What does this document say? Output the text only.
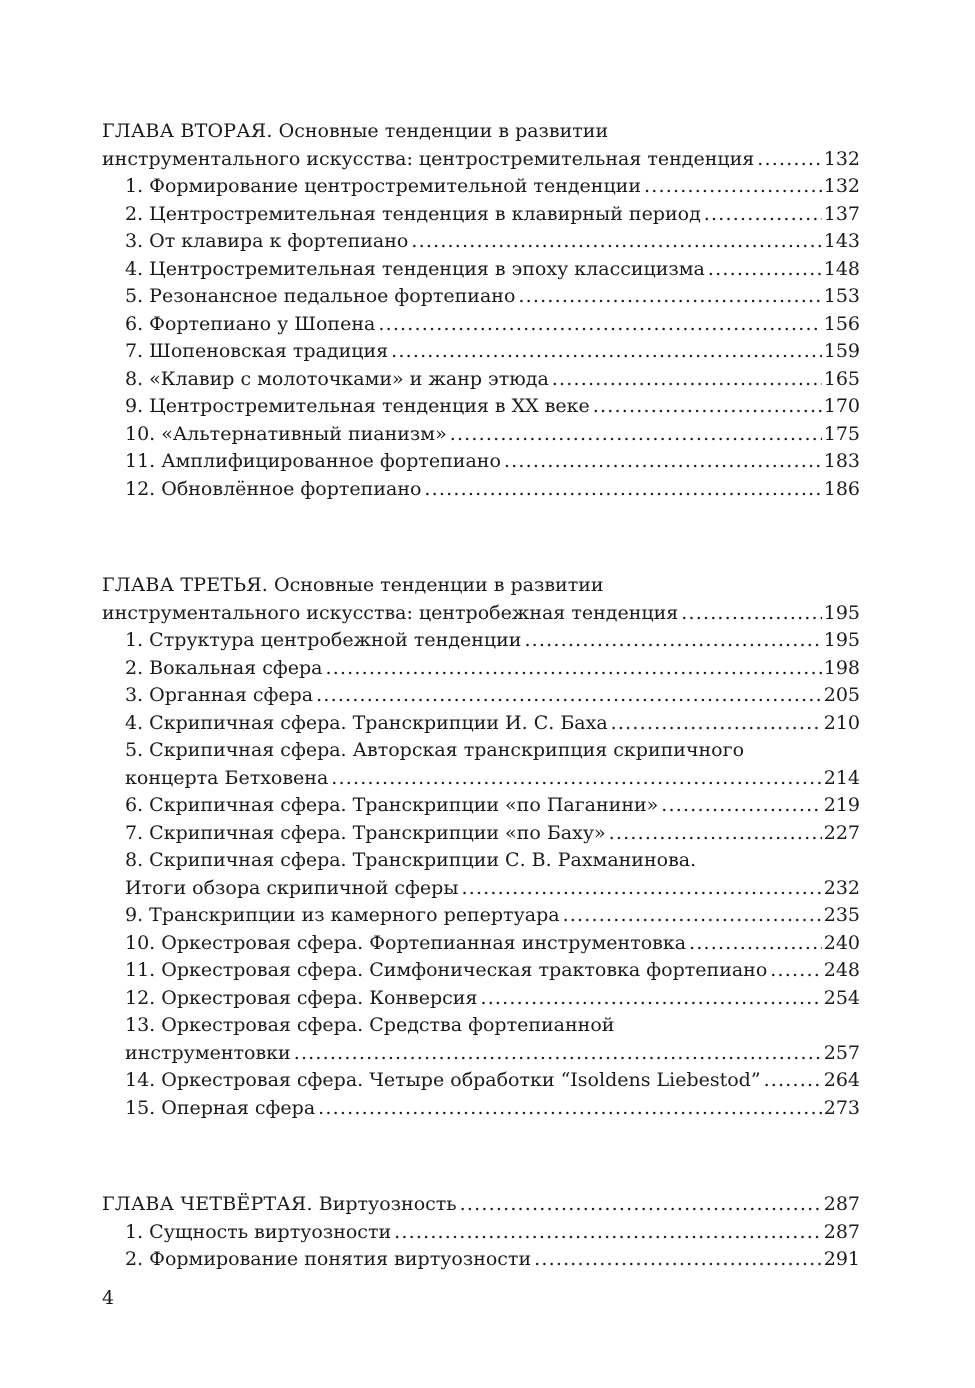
ГЛАВА ВТОРАЯ. Основные тенденции в развитии
инструментального искусства: центростремительная тенденция .....	132
1. Формирование центростремительной тенденции .....	132
2. Центростремительная тенденция в клавирный период .....	137
3. От клавира к фортепиано .....	143
4. Центростремительная тенденция в эпоху классицизма .....	148
5. Резонансное педальное фортепиано .....	153
6. Фортепиано у Шопена .....	156
7. Шопеновская традиция .....	159
8. «Клавир с молоточками» и жанр этюда .....	165
9. Центростремительная тенденция в XX веке .....	170
10. «Альтернативный пианизм» .....	175
11. Амплифицированное фортепиано .....	183
12. Обновлённое фортепиано .....	186
ГЛАВА ТРЕТЬЯ. Основные тенденции в развитии
инструментального искусства: центробежная тенденция .....	195
1. Структура центробежной тенденции .....	195
2. Вокальная сфера .....	198
3. Органная сфера .....	205
4. Скрипичная сфера. Транскрипции И. С. Баха .....	210
5. Скрипичная сфера. Авторская транскрипция скрипичного
концерта Бетховена .....	214
6. Скрипичная сфера. Транскрипции «по Паганини» .....	219
7. Скрипичная сфера. Транскрипции «по Баху» .....	227
8. Скрипичная сфера. Транскрипции С. В. Рахманинова.
Итоги обзора скрипичной сферы .....	232
9. Транскрипции из камерного репертуара .....	235
10. Оркестровая сфера. Фортепианная инструментовка .....	240
11. Оркестровая сфера. Симфоническая трактовка фортепиано .....	248
12. Оркестровая сфера. Конверсия .....	254
13. Оркестровая сфера. Средства фортепианной
инструментовки .....	257
14. Оркестровая сфера. Четыре обработки “Isoldens Liebestod” .....	264
15. Оперная сфера .....	273
ГЛАВА ЧЕТВЁРТАЯ. Виртуозность .....	287
1. Сущность виртуозности .....	287
2. Формирование понятия виртуозности .....	291
4
